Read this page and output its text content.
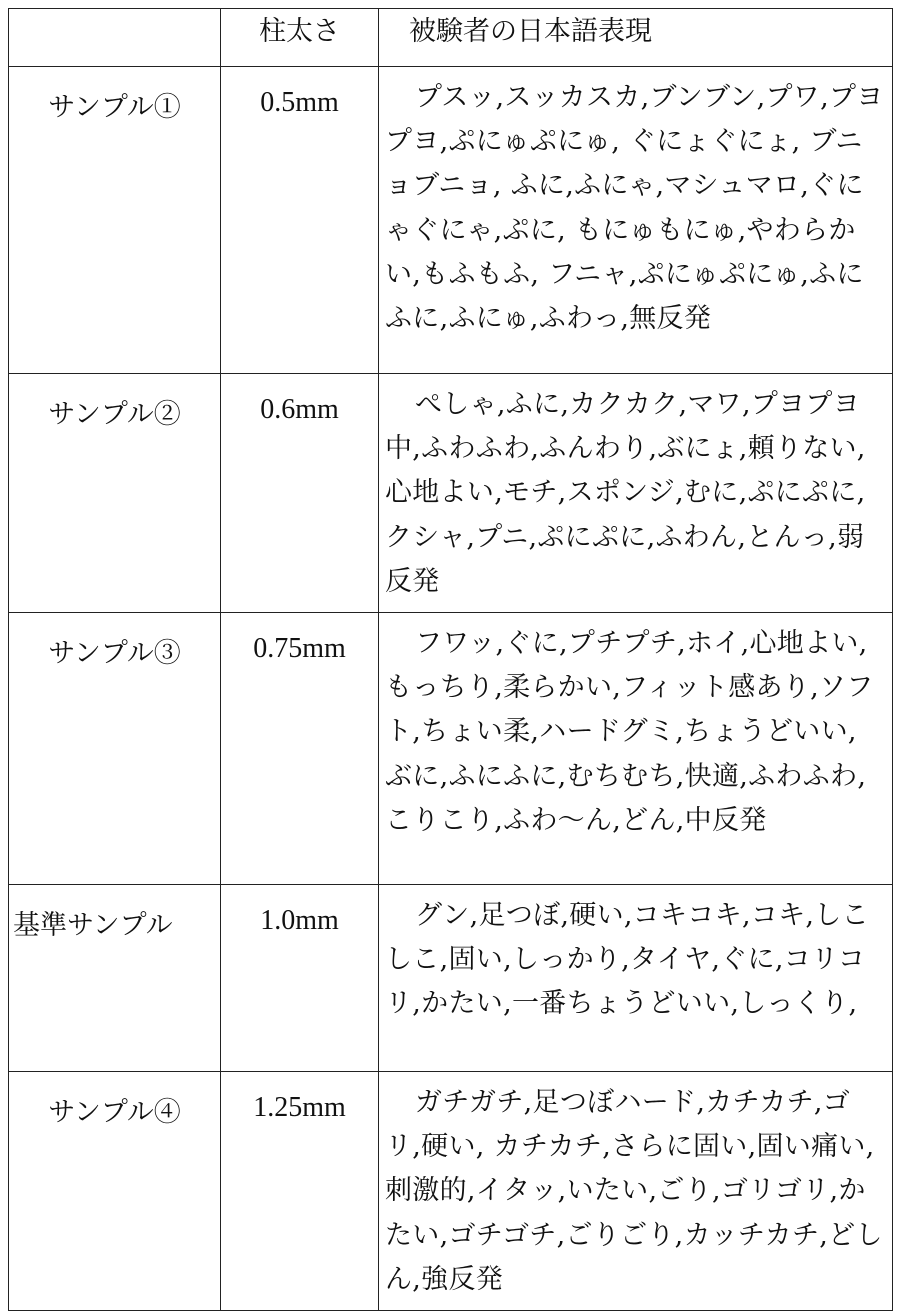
	柱太さ	被験者の日本語表現
サンプル①	0.5mm	プスッ,スッカスカ,ブンブン,プワ,プヨプヨ,ぷにゅぷにゅ, ぐにょぐにょ, ブニョブニョ, ふに,ふにゃ,マシュマロ,ぐにゃぐにゃ,ぷに, もにゅもにゅ,やわらかい,もふもふ, フニャ,ぷにゅぷにゅ,ふにふに,ふにゅ,ふわっ,無反発
サンプル②	0.6mm	ぺしゃ,ふに,カクカク,マワ,プヨプヨ中,ふわふわ,ふんわり,ぶにょ,頼りない,心地よい,モチ,スポンジ,むに,ぷにぷに,クシャ,プニ,ぷにぷに,ふわん,とんっ,弱反発
サンプル③	0.75mm	フワッ,ぐに,プチプチ,ホイ,心地よい,もっちり,柔らかい,フィット感あり,ソフト,ちょい柔,ハードグミ,ちょうどいい,ぶに,ふにふに,むちむち,快適,ふわふわ,こりこり,ふわ〜ん,どん,中反発
基準サンプル	1.0mm	グン,足つぼ,硬い,コキコキ,コキ,しこしこ,固い,しっかり,タイヤ,ぐに,コリコリ,かたい,一番ちょうどいい,しっくり,
サンプル④	1.25mm	ガチガチ,足つぼハード,カチカチ,ゴリ,硬い, カチカチ,さらに固い,固い痛い,刺激的,イタッ,いたい,ごり,ゴリゴリ,かたい,ゴチゴチ,ごりごり,カッチカチ,どしん,強反発
